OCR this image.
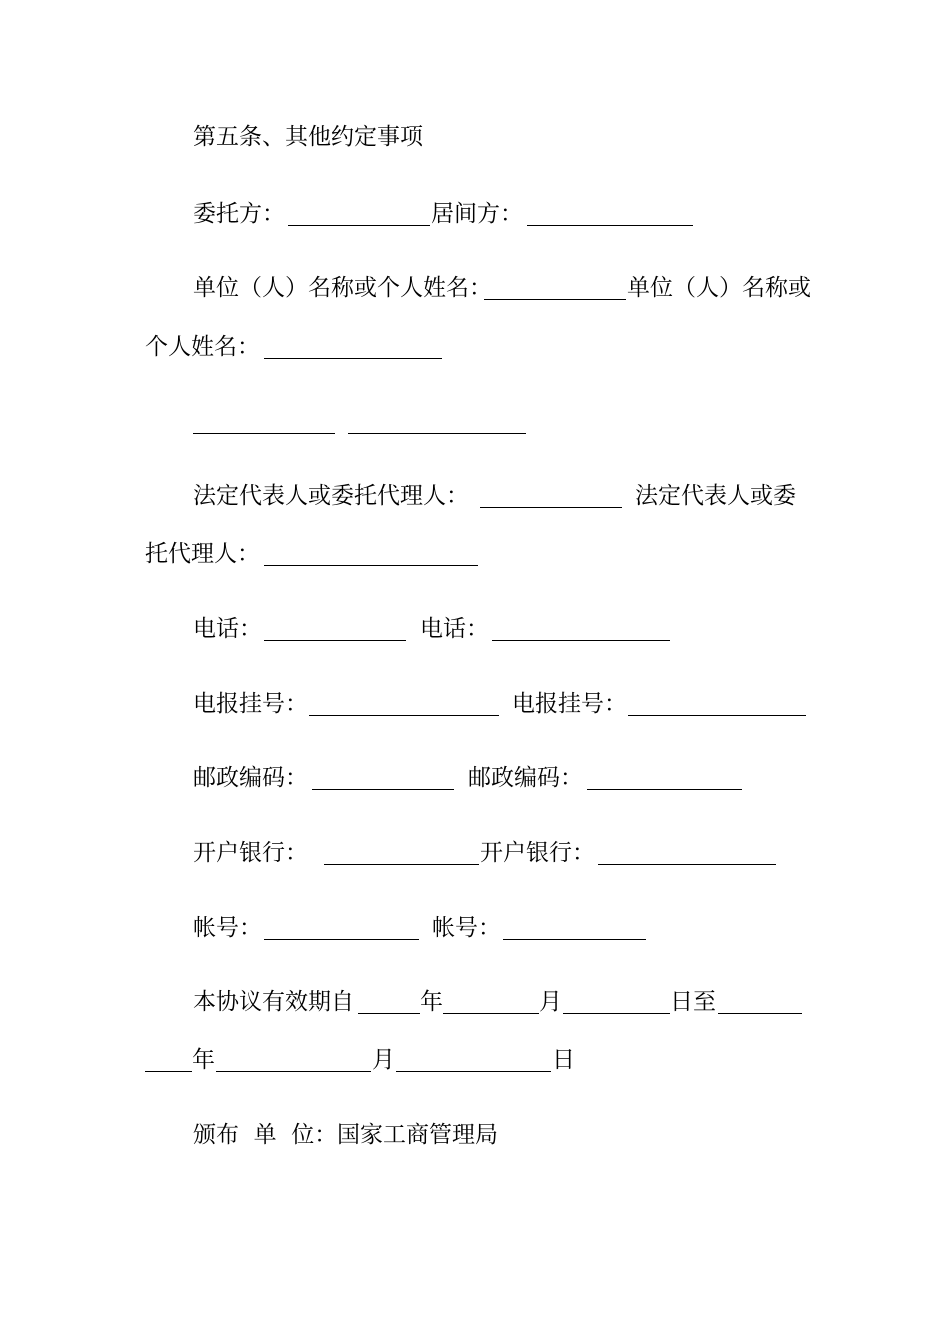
第五条、其他约定事项
委托方：	居间方：
单位（人）名称或个人姓名：	单位（人）名称或
个人姓名：
法定代表人或委托代理人：	法定代表人或委
托代理人：
电话：	电话：
电报挂号：	电报挂号：
邮政编码：	邮政编码：
开户银行：	开户银行：
帐号：	帐号：
本协议有效期自	年	月	日至
年	月	日
颁布  单  位： 国家工商管理局
